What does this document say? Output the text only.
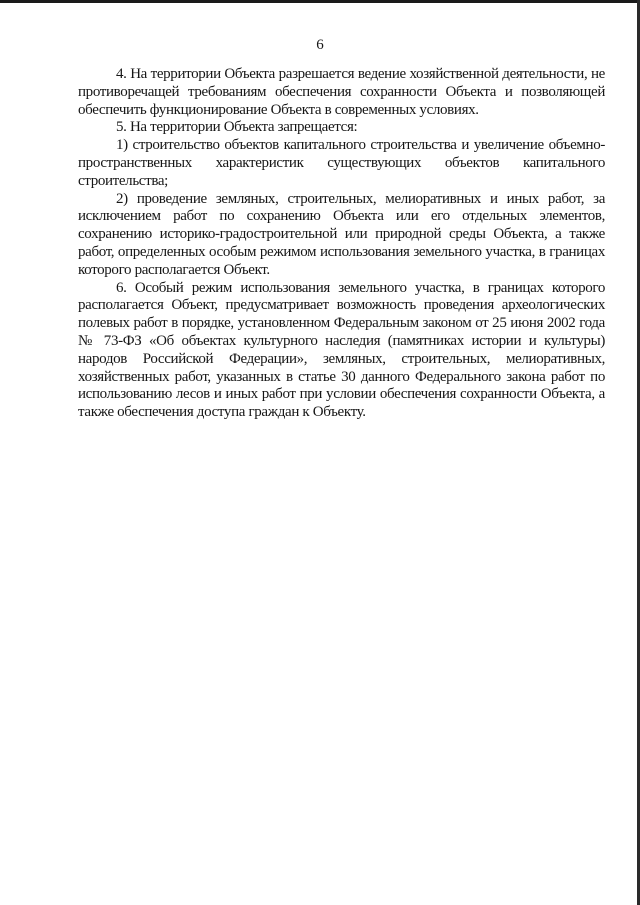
6

4. На территории Объекта разрешается ведение хозяйственной деятельности, не противоречащей требованиям обеспечения сохранности Объекта и позволяющей обеспечить функционирование Объекта в современных условиях.

5. На территории Объекта запрещается:

1) строительство объектов капитального строительства и увеличение объемно-пространственных характеристик существующих объектов капитального строительства;

2) проведение земляных, строительных, мелиоративных и иных работ, за исключением работ по сохранению Объекта или его отдельных элементов, сохранению историко-градостроительной или природной среды Объекта, а также работ, определенных особым режимом использования земельного участка, в границах которого располагается Объект.

6. Особый режим использования земельного участка, в границах которого располагается Объект, предусматривает возможность проведения археологических полевых работ в порядке, установленном Федеральным законом от 25 июня 2002 года № 73-ФЗ «Об объектах культурного наследия (памятниках истории и культуры) народов Российской Федерации», земляных, строительных, мелиоративных, хозяйственных работ, указанных в статье 30 данного Федерального закона работ по использованию лесов и иных работ при условии обеспечения сохранности Объекта, а также обеспечения доступа граждан к Объекту.
